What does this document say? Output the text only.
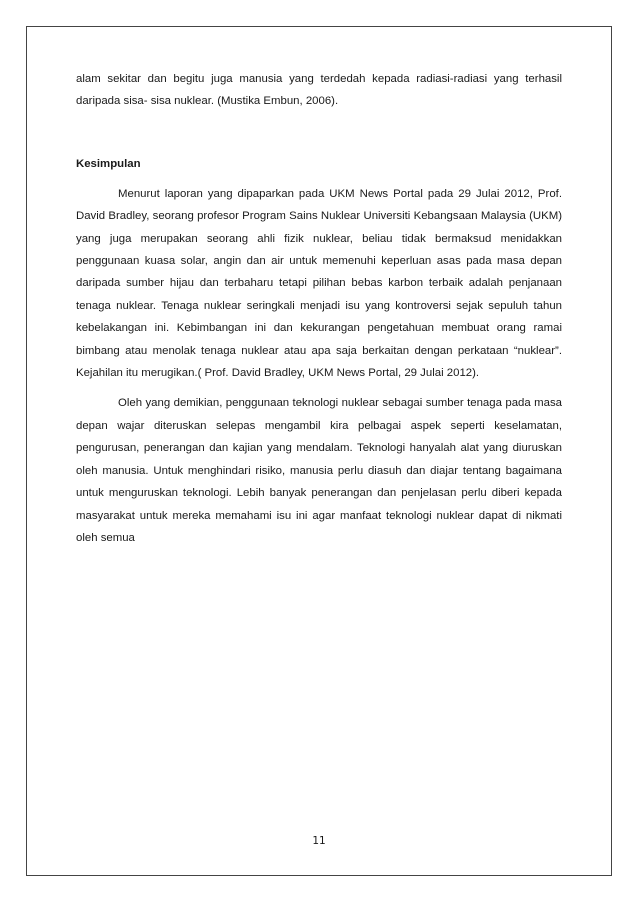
alam sekitar dan begitu juga manusia yang terdedah kepada radiasi-radiasi yang terhasil daripada sisa- sisa nuklear. (Mustika Embun, 2006).

Kesimpulan

Menurut laporan yang dipaparkan pada UKM News Portal pada 29 Julai 2012, Prof. David Bradley, seorang profesor Program Sains Nuklear Universiti Kebangsaan Malaysia (UKM) yang juga merupakan seorang ahli fizik nuklear, beliau tidak bermaksud menidakkan penggunaan kuasa solar, angin dan air untuk memenuhi keperluan asas pada masa depan daripada sumber hijau dan terbaharu tetapi pilihan bebas karbon terbaik adalah penjanaan tenaga nuklear. Tenaga nuklear seringkali menjadi isu yang kontroversi sejak sepuluh tahun kebelakangan ini. Kebimbangan ini dan kekurangan pengetahuan membuat orang ramai bimbang atau menolak tenaga nuklear atau apa saja berkaitan dengan perkataan “nuklear”. Kejahilan itu merugikan.( Prof. David Bradley, UKM News Portal, 29 Julai 2012).

Oleh yang demikian, penggunaan teknologi nuklear sebagai sumber tenaga pada masa depan wajar diteruskan selepas mengambil kira pelbagai aspek seperti keselamatan, pengurusan, penerangan dan kajian yang mendalam. Teknologi hanyalah alat yang diuruskan oleh manusia. Untuk menghindari risiko, manusia perlu diasuh dan diajar tentang bagaimana untuk menguruskan teknologi. Lebih banyak penerangan dan penjelasan perlu diberi kepada masyarakat untuk mereka memahami isu ini agar manfaat teknologi nuklear dapat di nikmati oleh semua

11
